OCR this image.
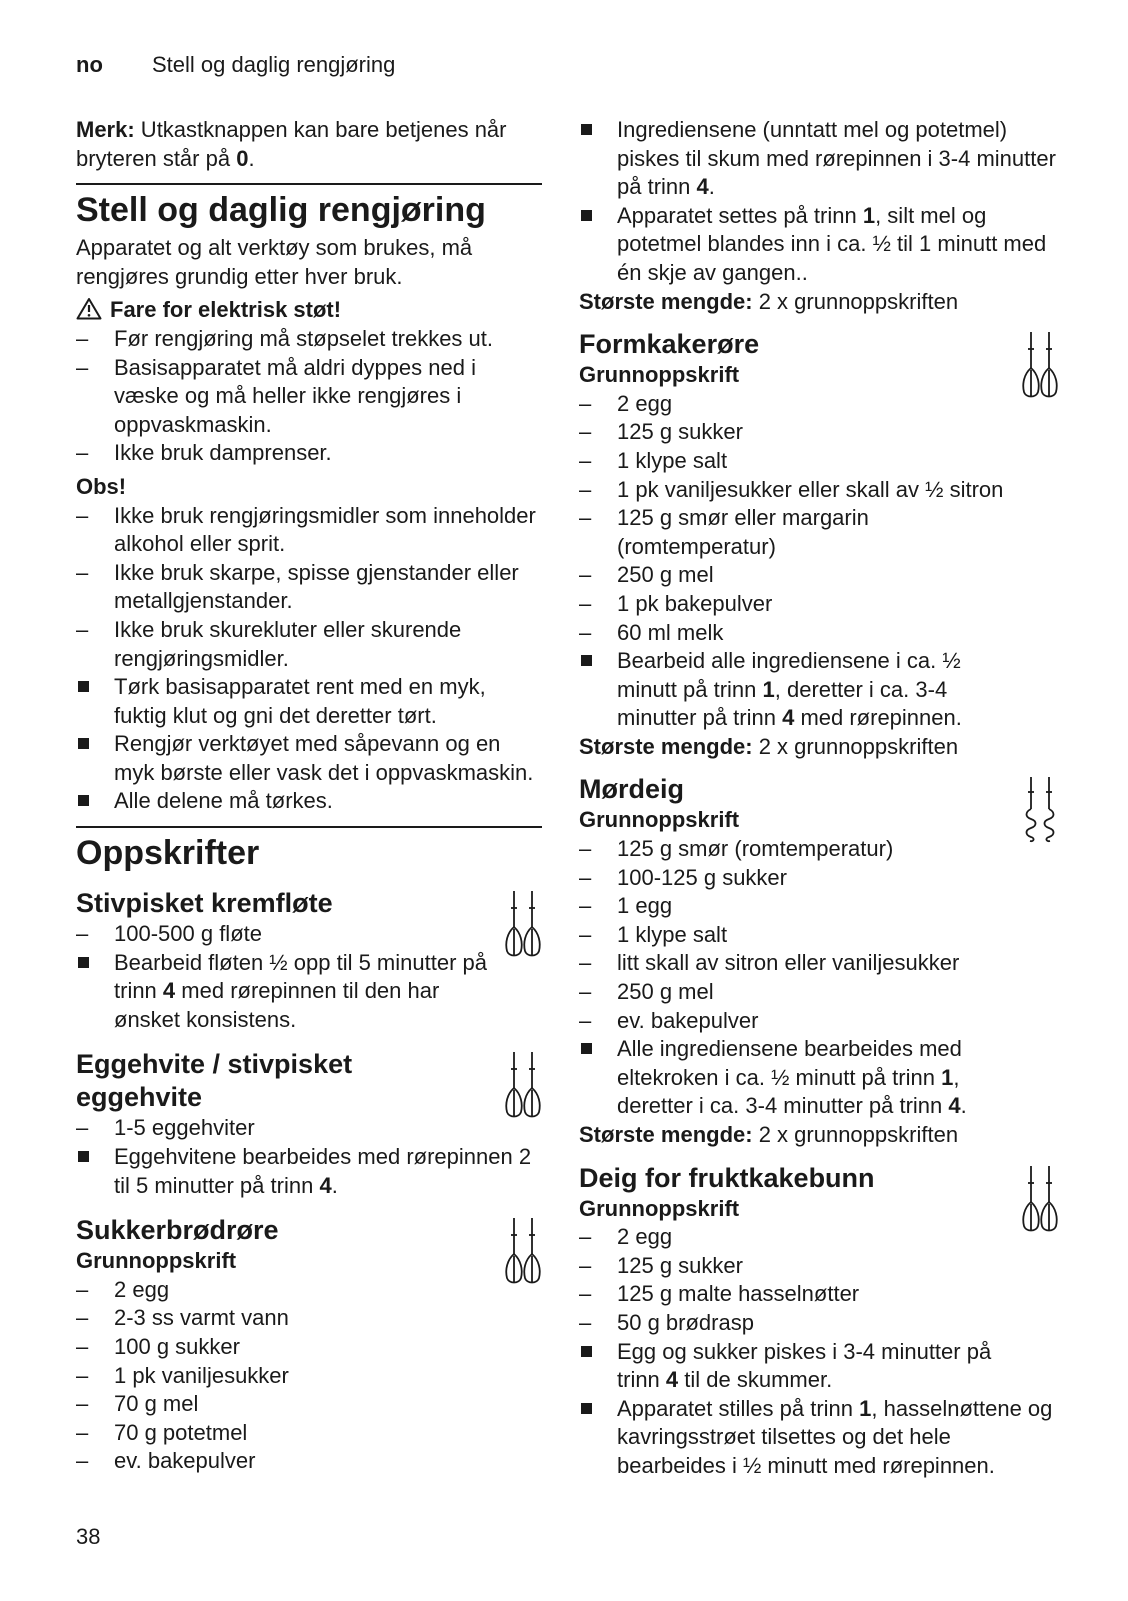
no Stell og daglig rengjøring

Merk: Utkastknappen kan bare betjenes når bryteren står på 0.

Stell og daglig rengjøring

Apparatet og alt verktøy som brukes, må rengjøres grundig etter hver bruk.

Fare for elektrisk støt!

–	Før rengjøring må støpselet trekkes ut.
–	Basisapparatet må aldri dyppes ned i væske og må heller ikke rengjøres i oppvaskmaskin.
–	Ikke bruk damprenser.

Obs!

–	Ikke bruk rengjøringsmidler som inneholder alkohol eller sprit.
–	Ikke bruk skarpe, spisse gjenstander eller metallgjenstander.
–	Ikke bruk skurekluter eller skurende rengjøringsmidler.
Tørk basisapparatet rent med en myk, fuktig klut og gni det deretter tørt.
Rengjør verktøyet med såpevann og en myk børste eller vask det i oppvaskmaskin.
Alle delene må tørkes.
Oppskrifter
Stivpisket kremfløte
–	100-500 g fløte
Bearbeid fløten ½ opp til 5 minutter på trinn 4 med rørepinnen til den har ønsket konsistens.
Eggehvite / stivpisket eggehvite
–	1-5 eggehviter
Eggehvitene bearbeides med rørepinnen 2 til 5 minutter på trinn 4.
Sukkerbrødrøre

Grunnoppskrift

–	2 egg
–	2-3 ss varmt vann
–	100 g sukker
–	1 pk vaniljesukker
–	70 g mel
–	70 g potetmel
–	ev. bakepulver
Ingrediensene (unntatt mel og potetmel) piskes til skum med rørepinnen i 3-4 minutter på trinn 4.
Apparatet settes på trinn 1, silt mel og potetmel blandes inn i ca. ½ til 1 minutt med én skje av gangen..

Største mengde: 2 x grunnoppskriften

Formkakerøre

Grunnoppskrift

–	2 egg
–	125 g sukker
–	1 klype salt
–	1 pk vaniljesukker eller skall av ½ sitron
–	125 g smør eller margarin (romtemperatur)
–	250 g mel
–	1 pk bakepulver
–	60 ml melk
Bearbeid alle ingrediensene i ca. ½ minutt på trinn 1, deretter i ca. 3-4 minutter på trinn 4 med rørepinnen.

Største mengde: 2 x grunnoppskriften

Mørdeig

Grunnoppskrift

–	125 g smør (romtemperatur)
–	100-125 g sukker
–	1 egg
–	1 klype salt
–	litt skall av sitron eller vaniljesukker
–	250 g mel
–	ev. bakepulver
Alle ingrediensene bearbeides med eltekroken i ca. ½ minutt på trinn 1, deretter i ca. 3-4 minutter på trinn 4.

Største mengde: 2 x grunnoppskriften

Deig for fruktkakebunn

Grunnoppskrift

–	2 egg
–	125 g sukker
–	125 g malte hasselnøtter
–	50 g brødrasp
Egg og sukker piskes i 3-4 minutter på trinn 4 til de skummer.
Apparatet stilles på trinn 1, hasselnøttene og kavringsstrøet tilsettes og det hele bearbeides i ½ minutt med rørepinnen.
38
